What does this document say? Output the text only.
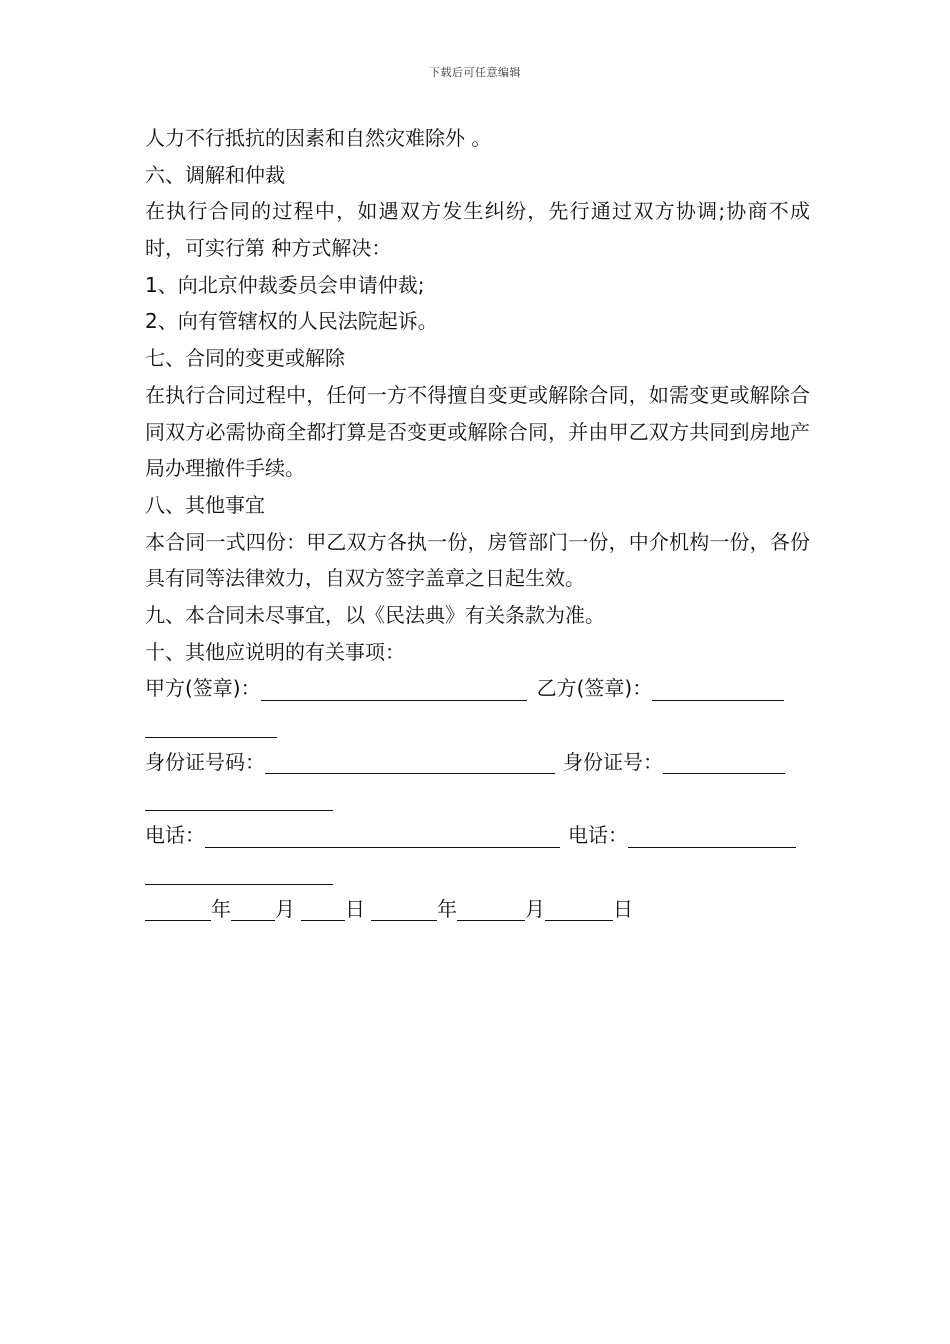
下载后可任意编辑
人力不行抵抗的因素和自然灾难除外 。
六、调解和仲裁
在执行合同的过程中，如遇双方发生纠纷，先行通过双方协调;协商不成时，可实行第 种方式解决：
1、向北京仲裁委员会申请仲裁;
2、向有管辖权的人民法院起诉。
七、合同的变更或解除
在执行合同过程中，任何一方不得擅自变更或解除合同，如需变更或解除合同双方必需协商全都打算是否变更或解除合同，并由甲乙双方共同到房地产局办理撤件手续。
八、其他事宜
本合同一式四份：甲乙双方各执一份，房管部门一份，中介机构一份，各份具有同等法律效力，自双方签字盖章之日起生效。
九、本合同未尽事宜，以《民法典》有关条款为准。
十、其他应说明的有关事项：
甲方(签章)：	乙方(签章)：
身份证号码：	身份证号：
电话：	电话：
年 月	日	年	月	日
